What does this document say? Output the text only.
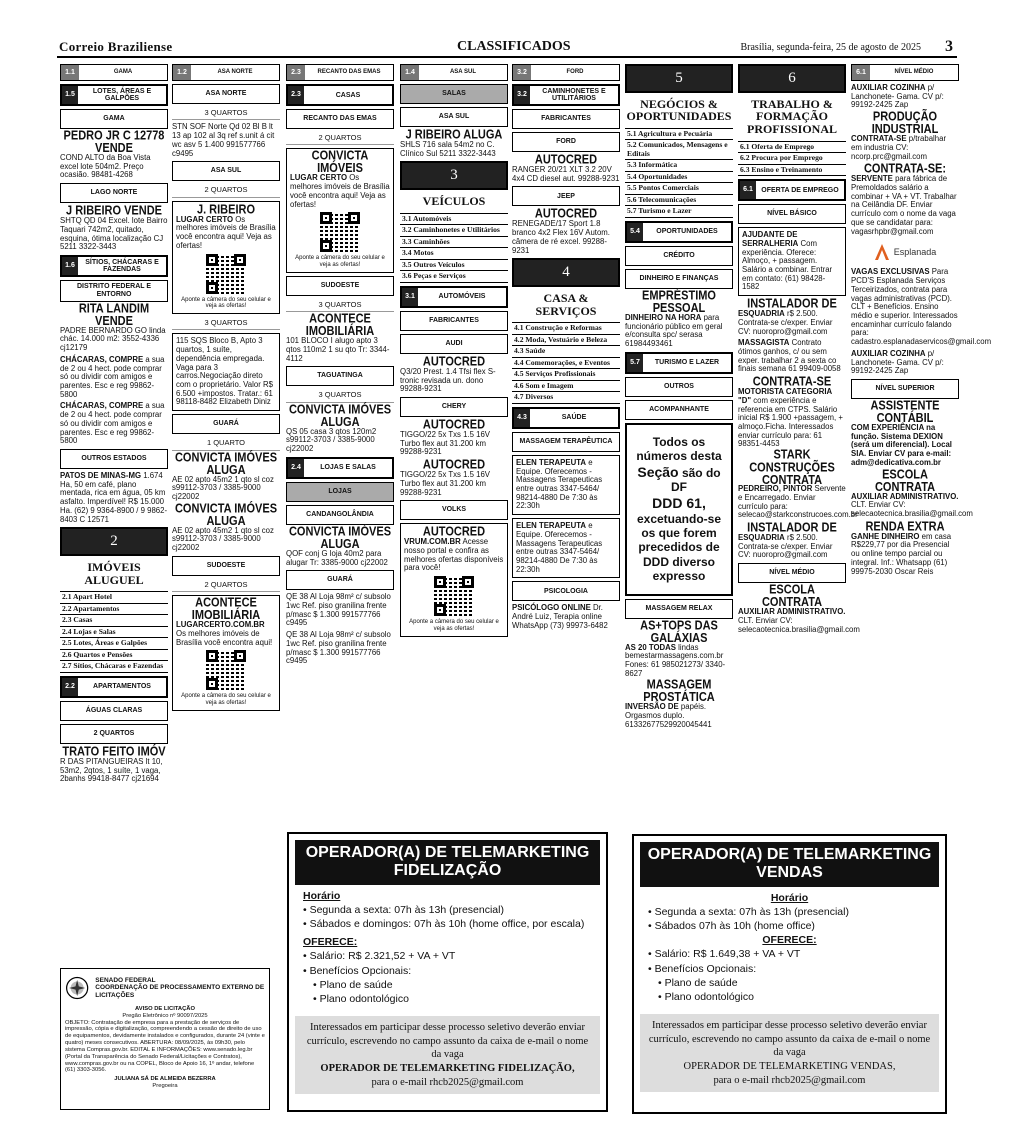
Correio Braziliense	CLASSIFICADOS	Brasília, segunda-feira, 25 de agosto de 2025 3
1.1	GAMA
1.5	LOTES, ÁREAS E GALPÕES
GAMA
PEDRO JR C 12778 VENDE
COND ALTO da Boa Vista excel lote 504m2. Preço ocasião. 98481-4268
LAGO NORTE
J RIBEIRO VENDE
SHTQ QD 04 Excel. lote Bairro Taquari 742m2, quitado, esquina, ótima localização CJ 5211 3322-3443
1.6	SÍTIOS, CHÁCARAS E FAZENDAS
DISTRITO FEDERAL E ENTORNO
RITA LANDIM VENDE
PADRE BERNARDO GO linda chác. 14.000 m2: 3552-4336 cj12179
CHÁCARAS, COMPRE a sua de 2 ou 4 hect. pode comprar só ou dividir com amigos e parentes. Esc e reg 99862-5800
CHÁCARAS, COMPRE a sua de 2 ou 4 hect. pode comprar só ou dividir com amigos e parentes. Esc e reg 99862-5800
OUTROS ESTADOS
PATOS DE MINAS-MG 1.674 Ha, 50 em café, plano mentada, rica em água, 05 km asfalto. Imperdível! R$ 15.000 Ha. (62) 9 9364-8900 / 9 9862-8403 C 12571
2
IMÓVEIS ALUGUEL
2.1 Apart Hotel
2.2 Apartamentos
2.3 Casas
2.4 Lojas e Salas
2.5 Lotes, Áreas e Galpões
2.6 Quartos e Pensões
2.7 Sítios, Chácaras e Fazendas
2.2	APARTAMENTOS
ÁGUAS CLARAS
2 QUARTOS
TRATO FEITO IMÓV
R DAS PITANGUEIRAS lt 10, 53m2, 2qtos, 1 suíte, 1 vaga, 2banhs 99418-8477 cj21694
1.2	ASA NORTE
ASA NORTE
3 QUARTOS
STN SOF Norte Qd 02 Bl B lt 13 ap 102 al 3q ref s.unit á cit wc asv 5 1.400 991577766 c9495
ASA SUL
2 QUARTOS
J. RIBEIRO
LUGAR CERTO Os melhores imóveis de Brasília você encontra aqui! Veja as ofertas!
Aponte a câmera do seu celular e veja as ofertas!
3 QUARTOS
115 SQS Bloco B, Apto 3 quartos, 1 suíte, dependência empregada. Vaga para 3 carros.Negociação direto com o proprietário. Valor R$ 6.500 +impostos. Tratar.: 61 98118-8482 Elizabeth Diniz
GUARÁ
1 QUARTO
CONVICTA IMÓVES ALUGA
AE 02 apto 45m2 1 qto sl coz s99112-3703 / 3385-9000 cj22002
CONVICTA IMÓVES ALUGA
AE 02 apto 45m2 1 qto sl coz s99112-3703 / 3385-9000 cj22002
SUDOESTE
2 QUARTOS
ACONTECE IMOBILIÁRIA
LUGARCERTO.COM.BR Os melhores imóveis de Brasília você encontra aqui!
Aponte a câmera do seu celular e veja as ofertas!
2.3	RECANTO DAS EMAS
2.3	CASAS
RECANTO DAS EMAS
2 QUARTOS
CONVICTA IMÓVEIS
LUGAR CERTO Os melhores imóveis de Brasília você encontra aqui! Veja as ofertas!
Aponte a câmera do seu celular e veja as ofertas!
SUDOESTE
3 QUARTOS
ACONTECE IMOBILIÁRIA
101 BLOCO I alugo apto 3 qtos 110m2 1 su qto Tr: 3344-4112
TAGUATINGA
3 QUARTOS
CONVICTA IMÓVES ALUGA
QS 05 casa 3 qtos 120m2 s99112-3703 / 3385-9000 cj22002
2.4	LOJAS E SALAS
LOJAS
CANDANGOLÂNDIA
CONVICTA IMÓVES ALUGA
QOF conj G loja 40m2 para alugar Tr: 3385-9000 cj22002
GUARÁ
QE 38 Al Loja 98m² c/ subsolo 1wc Ref. piso granilina frente p/masc $ 1.300 991577766 c9495
QE 38 Al Loja 98m² c/ subsolo 1wc Ref. piso granilina frente p/masc $ 1.300 991577766 c9495
1.4	ASA SUL
SALAS
ASA SUL
J RIBEIRO ALUGA
SHLS 716 sala 54m2 no C. Clínico Sul 5211 3322-3443
3
VEÍCULOS
3.1 Automóveis
3.2 Caminhonetes e Utilitários
3.3 Caminhões
3.4 Motos
3.5 Outros Veículos
3.6 Peças e Serviços
3.1	AUTOMÓVEIS
FABRICANTES
AUDI
AUTOCRED
Q3/20 Prest. 1.4 Tfsi flex S-tronic revisada un. dono 99288-9231
CHERY
AUTOCRED
TIGGO/22 5x Txs 1.5 16V Turbo flex aut 31.200 km 99288-9231
AUTOCRED
TIGGO/22 5x Txs 1.5 16V Turbo flex aut 31.200 km 99288-9231
VOLKS
AUTOCRED
VRUM.COM.BR Acesse nosso portal e confira as melhores ofertas disponíveis para você!
Aponte a câmera do seu celular e veja as ofertas!
3.2	FORD
3.2	CAMINHONETES E UTILITÁRIOS
FABRICANTES
FORD
AUTOCRED
RANGER 20/21 XLT 3.2 20V 4x4 CD diesel aut. 99288-9231
JEEP
AUTOCRED
RENEGADE/17 Sport 1.8 branco 4x2 Flex 16V Autom. câmera de ré excel. 99288-9231
4
CASA & SERVIÇOS
4.1 Construção e Reformas
4.2 Moda, Vestuário e Beleza
4.3 Saúde
4.4 Comemorações, e Eventos
4.5 Serviços Profissionais
4.6 Som e Imagem
4.7 Diversos
4.3	SAÚDE
MASSAGEM TERAPÊUTICA
ELEN TERAPEUTA e Equipe. Oferecemos - Massagens Terapeuticas entre outras 3347-5464/ 98214-4880 De 7:30 às 22:30h
ELEN TERAPEUTA e Equipe. Oferecemos - Massagens Terapeuticas entre outras 3347-5464/ 98214-4880 De 7:30 às 22:30h
PSICOLOGIA
PSICÓLOGO ONLINE Dr. André Luiz, Terapia online WhatsApp (73) 99973-6482
5
NEGÓCIOS & OPORTUNIDADES
5.1 Agricultura e Pecuária
5.2 Comunicados, Mensagens e Editais
5.3 Informática
5.4 Oportunidades
5.5 Pontos Comerciais
5.6 Telecomunicações
5.7 Turismo e Lazer
5.4	OPORTUNIDADES
CRÉDITO
DINHEIRO E FINANÇAS
EMPRÉSTIMO PESSOAL
DINHEIRO NA HORA para funcionário público em geral e/consulta spc/ serasa 61984493461
5.7	TURISMO E LAZER
OUTROS
ACOMPANHANTE
Todos os números desta Seção são do DF
DDD 61,
excetuando-se os que forem precedidos de DDD diverso expresso
MASSAGEM RELAX
AS+TOPS DAS GALÁXIAS
AS 20 TODAS lindas bemestarmassagens.com.br Fones: 61 985021273/ 3340-8627
MASSAGEM PROSTÁTICA
INVERSÃO DE papéis. Orgasmos duplo. 61332677529920045441
6
TRABALHO & FORMAÇÃO PROFISSIONAL
6.1 Oferta de Emprego
6.2 Procura por Emprego
6.3 Ensino e Treinamento
6.1	OFERTA DE EMPREGO
NÍVEL BÁSICO
AJUDANTE DE SERRALHERIA Com experiência. Oferece: Almoço, + passagem. Salário a combinar. Entrar em contato: (61) 98428-1582
INSTALADOR DE
ESQUADRIA r$ 2.500. Contrata-se c/exper. Enviar CV: nuoropro@gmail.com
MASSAGISTA Contrato ótimos ganhos, c/ ou sem exper. trabalhar 2 a sexta co finais semana 61 99409-0058
CONTRATA-SE
MOTORISTA CATEGORIA "D" com experiência e referencia em CTPS. Salário inicial R$ 1.900 +passagem, + almoço.Ficha. Interessados enviar currículo para: 61 98351-4453
STARK CONSTRUÇÕES CONTRATA
PEDREIRO, PINTOR Servente e Encarregado. Enviar currículo para: selecao@starkconstrucoes.com.br
INSTALADOR DE
ESQUADRIA r$ 2.500. Contrata-se c/exper. Enviar CV: nuoropro@gmail.com
NÍVEL MÉDIO
ESCOLA CONTRATA
AUXILIAR ADMINISTRATIVO. CLT. Enviar CV: selecaotecnica.brasilia@gmail.com
6.1	NÍVEL MÉDIO
AUXILIAR COZINHA p/ Lanchonete- Gama. CV p/: 99192-2425 Zap
PRODUÇÃO INDUSTRIAL
CONTRATA-SE p/trabalhar em industria CV: ncorp.prc@gmail.com
CONTRATA-SE:
SERVENTE para fábrica de Premoldados salário a combinar + VA + VT. Trabalhar na Ceilândia DF. Enviar currículo com o nome da vaga que se candidatar para: vagasrhpbr@gmail.com
Esplanada
VAGAS EXCLUSIVAS Para PCD'S Esplanada Serviços Terceirizados, contrata para vagas administrativas (PCD). CLT + Benefícios. Ensino médio e superior. Interessados encaminhar currículo falando para: cadastro.esplanadaservicos@gmail.com
AUXILIAR COZINHA p/ Lanchonete- Gama. CV p/: 99192-2425 Zap
NÍVEL SUPERIOR
ASSISTENTE CONTÁBIL
COM EXPERIÊNCIA na função. Sistema DEXION (será um diferencial). Local SIA. Enviar CV para e-mail: adm@dedicativa.com.br
ESCOLA CONTRATA
AUXILIAR ADMINISTRATIVO. CLT. Enviar CV: selecaotecnica.brasilia@gmail.com
RENDA EXTRA
GANHE DINHEIRO em casa R$229,77 por dia Presencial ou online tempo parcial ou integral. Inf.: Whatsapp (61) 99975-2030 Oscar Reis
SENADO FEDERAL
COORDENAÇÃO DE PROCESSAMENTO EXTERNO DE LICITAÇÕES
AVISO DE LICITAÇÃO
Pregão Eletrônico nº 90097/2025
OBJETO: Contratação de empresa para a prestação de serviços de impressão, cópia e digitalização, compreendendo a cessão de direito de uso de equipamentos, devidamente instalados e configurados, durante 24 (vinte e quatro) meses consecutivos. ABERTURA: 08/09/2025, às 09h30, pelo sistema Compras.gov.br. EDITAL E INFORMAÇÕES: www.senado.leg.br (Portal da Transparência do Senado Federal/Licitações e Contratos), www.compras.gov.br ou na COPEL, Bloco de Apoio 16, 1º andar, telefone (61) 3303-3056.
JULIANA SÁ DE ALMEIDA BEZERRA
Pregoeira
OPERADOR(A) DE TELEMARKETING FIDELIZAÇÃO
Horário
• Segunda a sexta: 07h às 13h (presencial)
• Sábados e domingos: 07h às 10h (home office, por escala)
OFERECE:
• Salário: R$ 2.321,52 + VA + VT
• Benefícios Opcionais:
• Plano de saúde
• Plano odontológico
Interessados em participar desse processo seletivo deverão enviar currículo, escrevendo no campo assunto da caixa de e-mail o nome da vaga
OPERADOR DE TELEMARKETING FIDELIZAÇÃO,
para o e-mail rhcb2025@gmail.com
OPERADOR(A) DE TELEMARKETING VENDAS
Horário
• Segunda a sexta: 07h às 13h (presencial)
• Sábados 07h às 10h (home office)
OFERECE:
• Salário: R$ 1.649,38 + VA + VT
• Benefícios Opcionais:
• Plano de saúde
• Plano odontológico
Interessados em participar desse processo seletivo deverão enviar currículo, escrevendo no campo assunto da caixa de e-mail o nome da vaga
OPERADOR DE TELEMARKETING VENDAS,
para o e-mail rhcb2025@gmail.com
